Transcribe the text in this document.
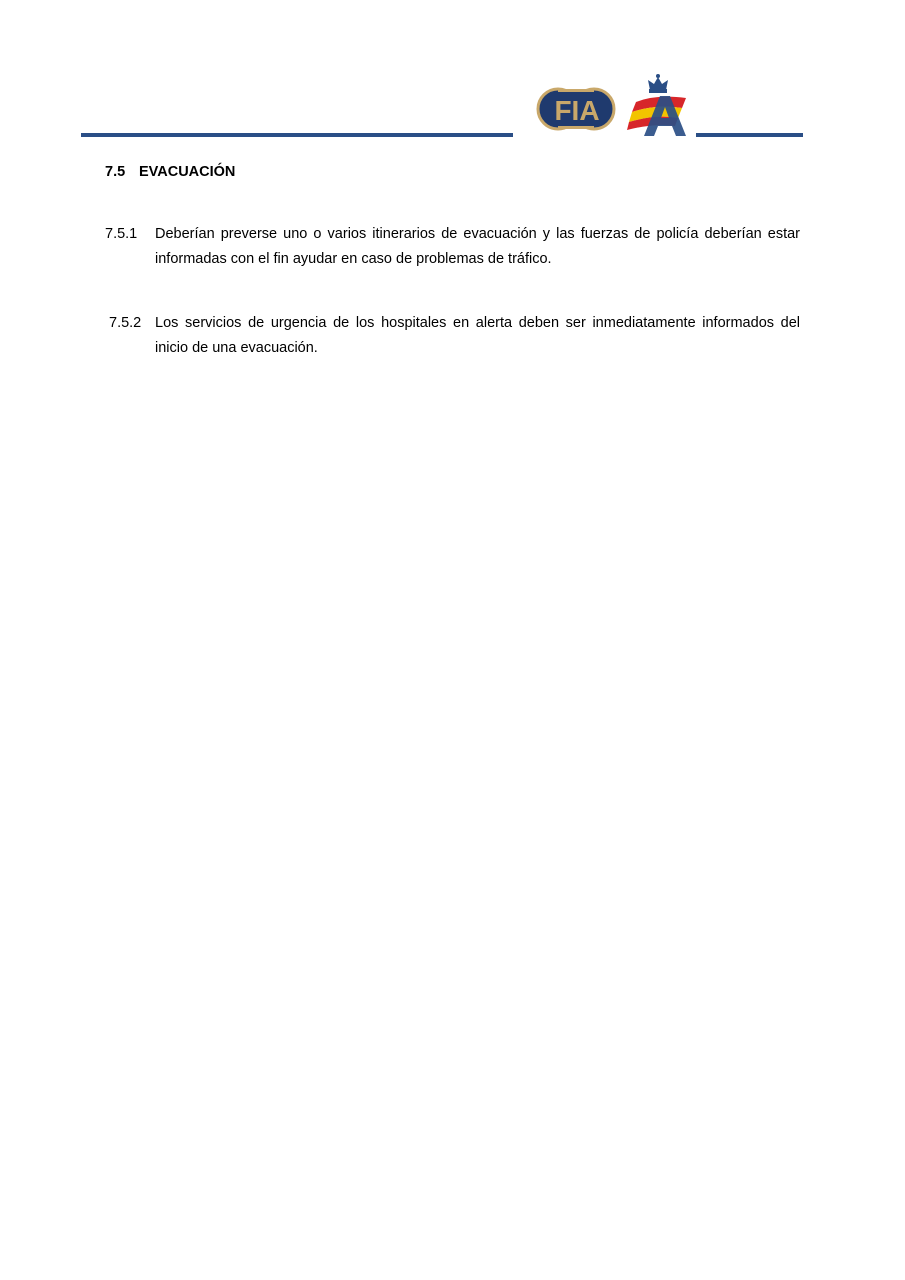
FIA
7.5 EVACUACIÓN
7.5.1 Deberían preverse uno o varios itinerarios de evacuación y las fuerzas de policía deberían estar informadas con el fin ayudar en caso de problemas de tráfico.
7.5.2 Los servicios de urgencia de los hospitales en alerta deben ser inmediatamente informados del inicio de una evacuación.
